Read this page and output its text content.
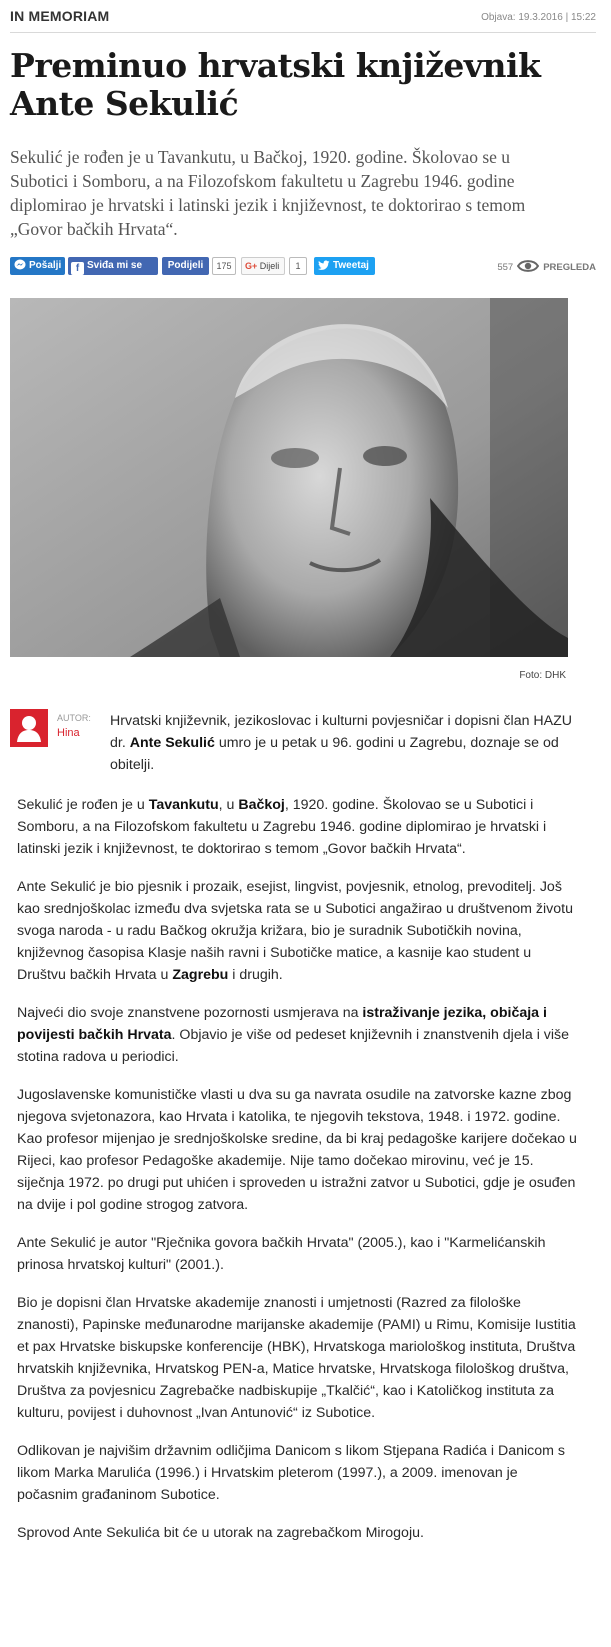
IN MEMORIAM	Objava: 19.3.2016 | 15:22
Preminuo hrvatski književnik Ante Sekulić

Sekulić je rođen je u Tavankutu, u Bačkoj, 1920. godine. Školovao se u Subotici i Somboru, a na Filozofskom fakultetu u Zagrebu 1946. godine diplomirao je hrvatski i latinski jezik i književnost, te doktorirao s temom „Govor bačkih Hrvata“.

Pošalji	f Sviđa mi se	Podijeli	175	G+ Dijeli	1	Tweetaj	557	PREGLEDA
Foto: DHK
AUTOR:
Hina

Hrvatski književnik, jezikoslovac i kulturni povjesničar i dopisni član HAZU dr. Ante Sekulić umro je u petak u 96. godini u Zagrebu, doznaje se od obitelji.

Sekulić je rođen je u Tavankutu, u Bačkoj, 1920. godine. Školovao se u Subotici i Somboru, a na Filozofskom fakultetu u Zagrebu 1946. godine diplomirao je hrvatski i latinski jezik i književnost, te doktorirao s temom „Govor bačkih Hrvata“.

Ante Sekulić je bio pjesnik i prozaik, esejist, lingvist, povjesnik, etnolog, prevoditelj. Još kao srednjoškolac između dva svjetska rata se u Subotici angažirao u društvenom životu svoga naroda - u radu Bačkog okružja križara, bio je suradnik Subotičkih novina, književnog časopisa Klasje naših ravni i Subotičke matice, a kasnije kao student u Društvu bačkih Hrvata u Zagrebu i drugih.

Najveći dio svoje znanstvene pozornosti usmjerava na istraživanje jezika, običaja i povijesti bačkih Hrvata. Objavio je više od pedeset književnih i znanstvenih djela i više stotina radova u periodici.

Jugoslavenske komunističke vlasti u dva su ga navrata osudile na zatvorske kazne zbog njegova svjetonazora, kao Hrvata i katolika, te njegovih tekstova, 1948. i 1972. godine. Kao profesor mijenjao je srednjoškolske sredine, da bi kraj pedagoške karijere dočekao u Rijeci, kao profesor Pedagoške akademije. Nije tamo dočekao mirovinu, već je 15. siječnja 1972. po drugi put uhićen i sproveden u istražni zatvor u Subotici, gdje je osuđen na dvije i pol godine strogog zatvora.

Ante Sekulić je autor "Rječnika govora bačkih Hrvata" (2005.), kao i "Karmelićanskih prinosa hrvatskoj kulturi" (2001.).

Bio je dopisni član Hrvatske akademije znanosti i umjetnosti (Razred za filološke znanosti), Papinske međunarodne marijanske akademije (PAMI) u Rimu, Komisije Iustitia et pax Hrvatske biskupske konferencije (HBK), Hrvatskoga mariološkog instituta, Društva hrvatskih književnika, Hrvatskog PEN-a, Matice hrvatske, Hrvatskoga filološkog društva, Društva za povjesnicu Zagrebačke nadbiskupije „Tkalčić“, kao i Katoličkog instituta za kulturu, povijest i duhovnost „Ivan Antunović“ iz Subotice.

Odlikovan je najvišim državnim odličjima Danicom s likom Stjepana Radića i Danicom s likom Marka Marulića (1996.) i Hrvatskim pleterom (1997.), a 2009. imenovan je počasnim građaninom Subotice.

Sprovod Ante Sekulića bit će u utorak na zagrebačkom Mirogoju.
